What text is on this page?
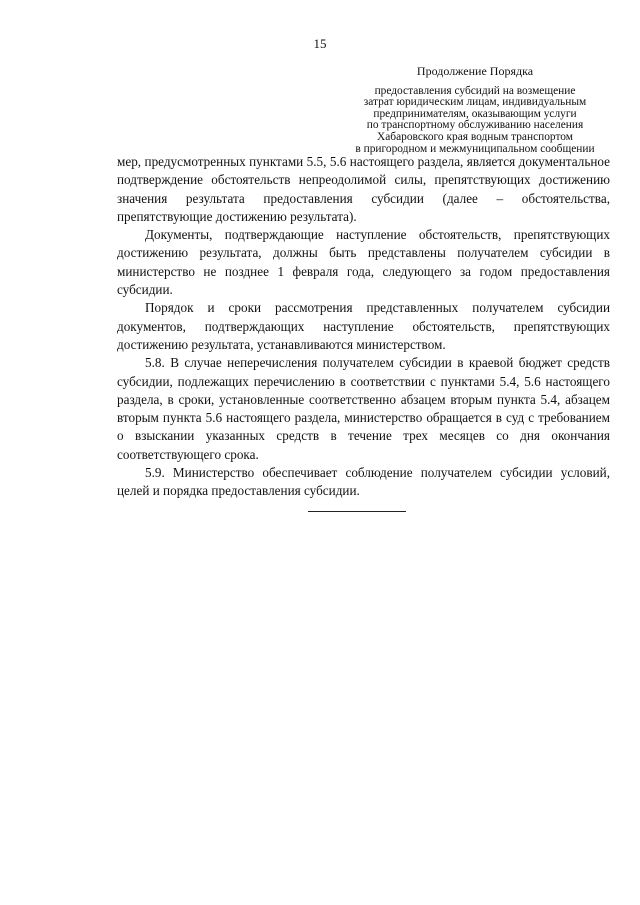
15
Продолжение Порядка
предоставления субсидий на возмещение
затрат юридическим лицам, индивидуальным
предпринимателям, оказывающим услуги
по транспортному обслуживанию населения
Хабаровского края водным транспортом
в пригородном и межмуниципальном сообщении

мер, предусмотренных пунктами 5.5, 5.6 настоящего раздела, является документальное подтверждение обстоятельств непреодолимой силы, препятствующих достижению значения результата предоставления субсидии (далее – обстоятельства, препятствующие достижению результата).

Документы, подтверждающие наступление обстоятельств, препятствующих достижению результата, должны быть представлены получателем субсидии в министерство не позднее 1 февраля года, следующего за годом предоставления субсидии.

Порядок и сроки рассмотрения представленных получателем субсидии документов, подтверждающих наступление обстоятельств, препятствующих достижению результата, устанавливаются министерством.

5.8. В случае неперечисления получателем субсидии в краевой бюджет средств субсидии, подлежащих перечислению в соответствии с пунктами 5.4, 5.6 настоящего раздела, в сроки, установленные соответственно абзацем вторым пункта 5.4, абзацем вторым пункта 5.6 настоящего раздела, министерство обращается в суд с требованием о взыскании указанных средств в течение трех месяцев со дня окончания соответствующего срока.

5.9. Министерство обеспечивает соблюдение получателем субсидии условий, целей и порядка предоставления субсидии.
